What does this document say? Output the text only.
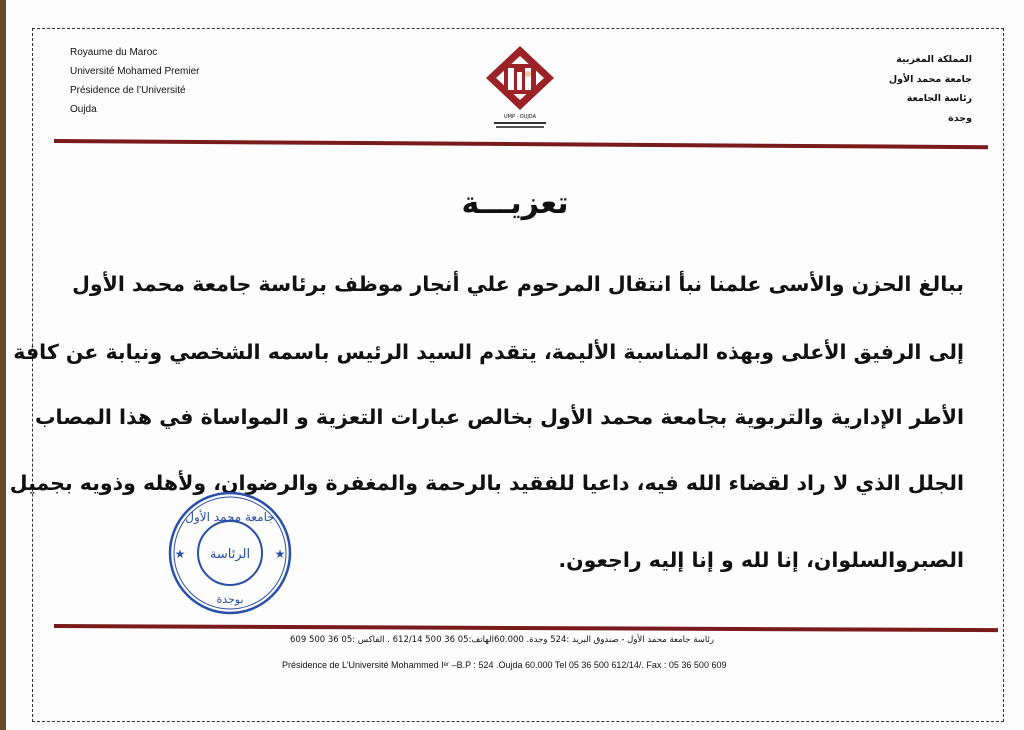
Royaume du Maroc
Université Mohamed Premier
Présidence de l’Université
Oujda
UMP · OUJDA
المملكة المغربية
جامعة محمد الأول
رئاسة الجامعة
وجدة
تعزيـــة
ببالغ الحزن والأسى علمنا نبأ انتقال المرحوم علي أنجار موظف برئاسة جامعة محمد الأول
إلى الرفيق الأعلى وبهذه المناسبة الأليمة، يتقدم السيد الرئيس باسمه الشخصي ونيابة عن كافة
الأطر الإدارية والتربوية بجامعة محمد الأول بخالص عبارات التعزية و المواساة في هذا المصاب
الجلل الذي لا راد لقضاء الله فيه، داعيا للفقيد بالرحمة والمغفرة والرضوان، ولأهله وذويه بجميل
الصبروالسلوان، إنا لله و إنا إليه راجعون.
جامعة محمد الأول
الرئاسة
بوجدة
★	★
رئاسة جامعة محمد الأول - صندوق البريد :524 وجدة. 60.000الهاتف:05 36 500 612/14 . الفاكس :05 36 500 609
Présidence de L’Université Mohammed Iᵉʳ –B.P : 524 .Oujda 60.000 Tel 05 36 500 612/14/. Fax : 05 36 500 609
